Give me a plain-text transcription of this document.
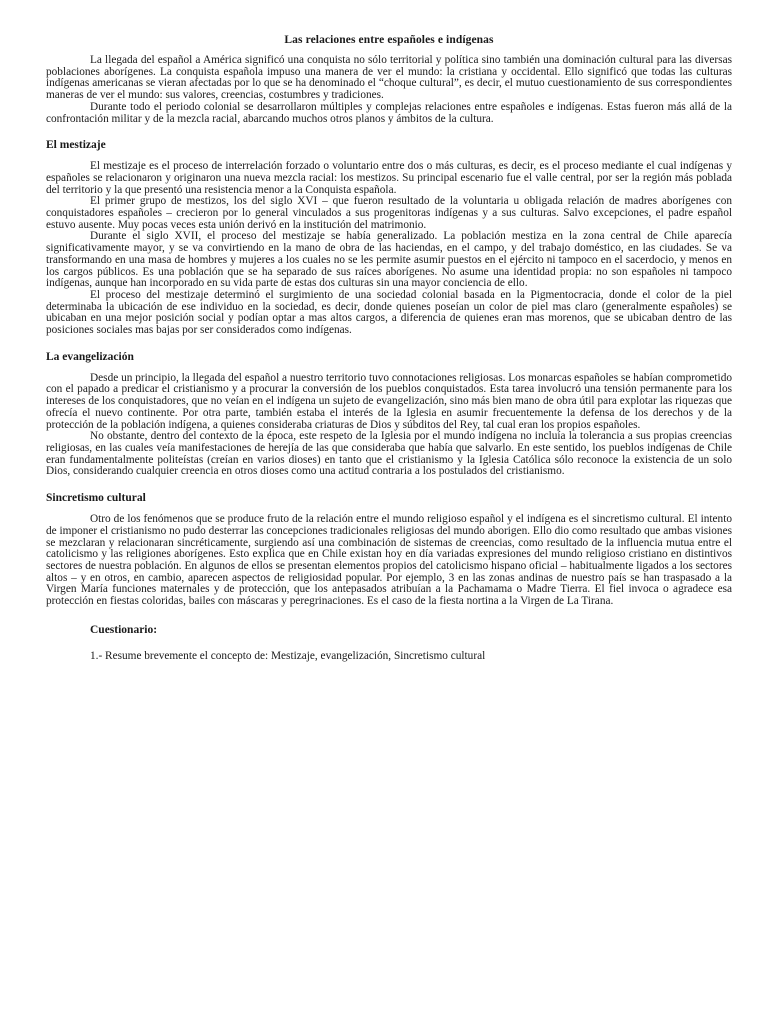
Las relaciones entre españoles e indígenas

La llegada del español a América significó una conquista no sólo territorial y política sino también una dominación cultural para las diversas poblaciones aborígenes. La conquista española impuso una manera de ver el mundo: la cristiana y occidental. Ello significó que todas las culturas indígenas americanas se vieran afectadas por lo que se ha denominado el “choque cultural”, es decir, el mutuo cuestionamiento de sus correspondientes maneras de ver el mundo: sus valores, creencias, costumbres y tradiciones.

Durante todo el periodo colonial se desarrollaron múltiples y complejas relaciones entre españoles e indígenas. Estas fueron más allá de la confrontación militar y de la mezcla racial, abarcando muchos otros planos y ámbitos de la cultura.

El mestizaje

El mestizaje es el proceso de interrelación forzado o voluntario entre dos o más culturas, es decir, es el proceso mediante el cual indígenas y españoles se relacionaron y originaron una nueva mezcla racial: los mestizos. Su principal escenario fue el valle central, por ser la región más poblada del territorio y la que presentó una resistencia menor a la Conquista española.

El primer grupo de mestizos, los del siglo XVI – que fueron resultado de la voluntaria u obligada relación de madres aborígenes con conquistadores españoles – crecieron por lo general vinculados a sus progenitoras indígenas y a sus culturas. Salvo excepciones, el padre español estuvo ausente. Muy pocas veces esta unión derivó en la institución del matrimonio.

Durante el siglo XVII, el proceso del mestizaje se había generalizado. La población mestiza en la zona central de Chile aparecía significativamente mayor, y se va convirtiendo en la mano de obra de las haciendas, en el campo, y del trabajo doméstico, en las ciudades. Se va transformando en una masa de hombres y mujeres a los cuales no se les permite asumir puestos en el ejército ni tampoco en el sacerdocio, y menos en los cargos públicos. Es una población que se ha separado de sus raíces aborígenes. No asume una identidad propia: no son españoles ni tampoco indígenas, aunque han incorporado en su vida parte de estas dos culturas sin una mayor conciencia de ello.

El proceso del mestizaje determinó el surgimiento de una sociedad colonial basada en la Pigmentocracia, donde el color de la piel determinaba la ubicación de ese individuo en la sociedad, es decir, donde quienes poseían un color de piel mas claro (generalmente españoles) se ubicaban en una mejor posición social y podían optar a mas altos cargos, a diferencia de quienes eran mas morenos, que se ubicaban dentro de las posiciones sociales mas bajas por ser considerados como indígenas.

La evangelización

Desde un principio, la llegada del español a nuestro territorio tuvo connotaciones religiosas. Los monarcas españoles se habían comprometido con el papado a predicar el cristianismo y a procurar la conversión de los pueblos conquistados. Esta tarea involucró una tensión permanente para los intereses de los conquistadores, que no veían en el indígena un sujeto de evangelización, sino más bien mano de obra útil para explotar las riquezas que ofrecía el nuevo continente. Por otra parte, también estaba el interés de la Iglesia en asumir frecuentemente la defensa de los derechos y de la protección de la población indígena, a quienes consideraba criaturas de Dios y súbditos del Rey, tal cual eran los propios españoles.

No obstante, dentro del contexto de la época, este respeto de la Iglesia por el mundo indígena no incluía la tolerancia a sus propias creencias religiosas, en las cuales veía manifestaciones de herejía de las que consideraba que había que salvarlo. En este sentido, los pueblos indígenas de Chile eran fundamentalmente politeístas (creían en varios dioses) en tanto que el cristianismo y la Iglesia Católica sólo reconoce la existencia de un solo Dios, considerando cualquier creencia en otros dioses como una actitud contraria a los postulados del cristianismo.

Sincretismo cultural

Otro de los fenómenos que se produce fruto de la relación entre el mundo religioso español y el indígena es el sincretismo cultural. El intento de imponer el cristianismo no pudo desterrar las concepciones tradicionales religiosas del mundo aborigen. Ello dio como resultado que ambas visiones se mezclaran y relacionaran sincréticamente, surgiendo así una combinación de sistemas de creencias, como resultado de la influencia mutua entre el catolicismo y las religiones aborígenes. Esto explica que en Chile existan hoy en día variadas expresiones del mundo religioso cristiano en distintivos sectores de nuestra población. En algunos de ellos se presentan elementos propios del catolicismo hispano oficial – habitualmente ligados a los sectores altos – y en otros, en cambio, aparecen aspectos de religiosidad popular. Por ejemplo, 3 en las zonas andinas de nuestro país se han traspasado a la Virgen María funciones maternales y de protección, que los antepasados atribuían a la Pachamama o Madre Tierra. El fiel invoca o agradece esa protección en fiestas coloridas, bailes con máscaras y peregrinaciones. Es el caso de la fiesta nortina a la Virgen de La Tirana.

Cuestionario:
1.- Resume brevemente el concepto de: Mestizaje, evangelización, Sincretismo cultural
